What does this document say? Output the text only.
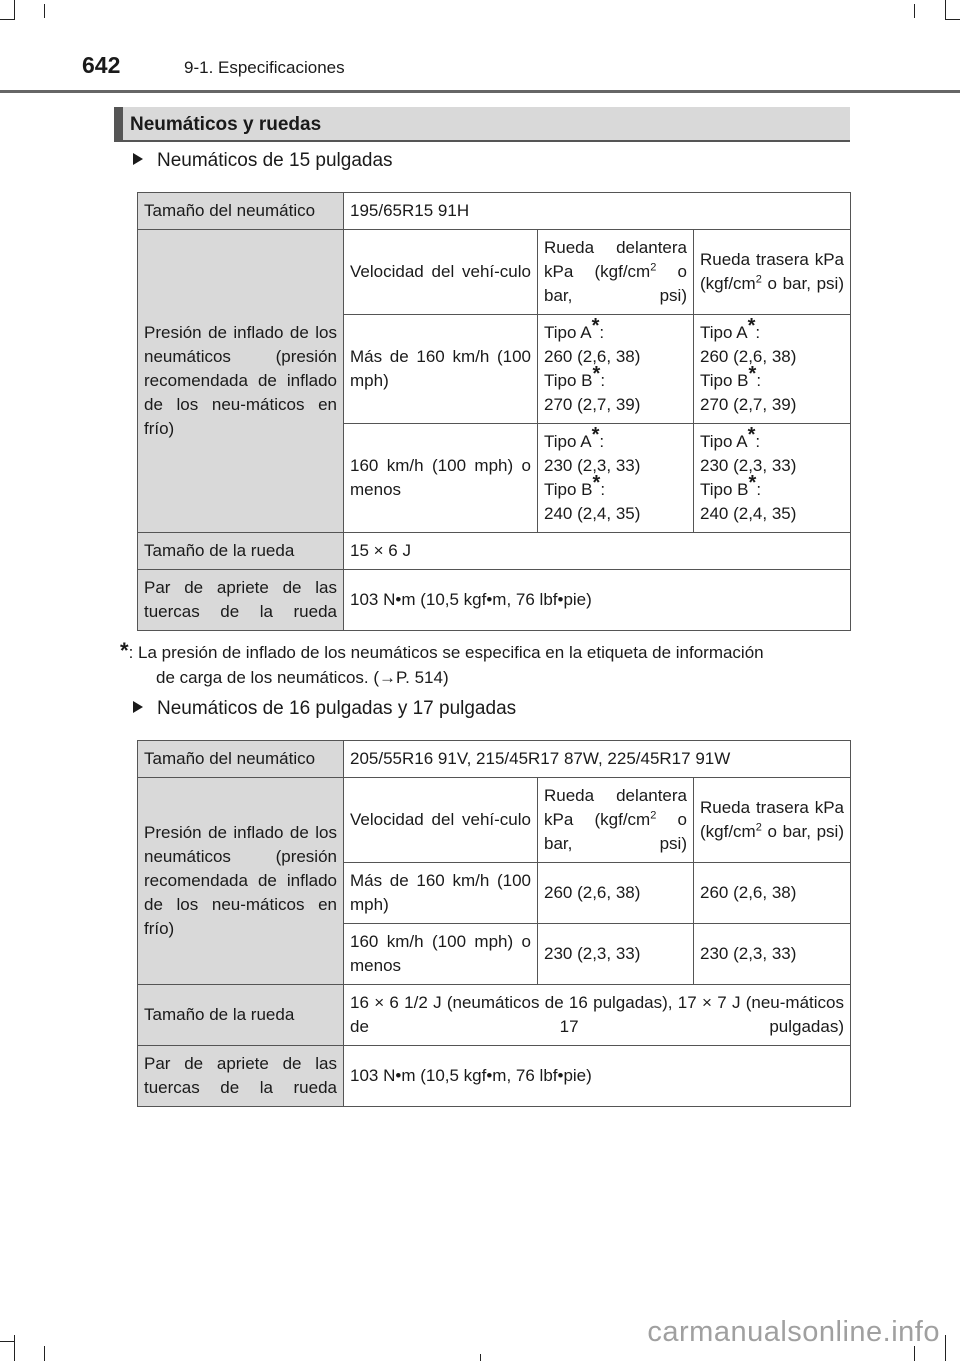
642	9-1. Especificaciones
Neumáticos y ruedas
Neumáticos de 15 pulgadas
Tamaño del neumático	195/65R15 91H		

Presión de inflado de los neumáticos (presión recomendada de inflado de los neu-máticos en frío)	Velocidad del vehí-culo	Rueda delantera kPa ($kgf/cm^2$ o bar, psi)	Rueda trasera kPa ($kgf/cm^2$ o bar, psi)

	Más de 160 km/h (100 mph)	Tipo A*:
260 (2,6, 38)
Tipo B*:
270 (2,7, 39)	Tipo A*:
260 (2,6, 38)
Tipo B*:
270 (2,7, 39)

	160 km/h (100 mph) o menos	Tipo A*:
230 (2,3, 33)
Tipo B*:
240 (2,4, 35)	Tipo A*:
230 (2,3, 33)
Tipo B*:
240 (2,4, 35)
Tamaño de la rueda	15 × 6 J		

Par de apriete de las tuercas de la rueda	103 N•m (10,5 kgf•m, 76 lbf•pie)		
*: La presión de inflado de los neumáticos se especifica en la etiqueta de información
de carga de los neumáticos. (→P. 514)
Neumáticos de 16 pulgadas y 17 pulgadas
Tamaño del neumático	205/55R16 91V, 215/45R17 87W, 225/45R17 91W		

Presión de inflado de los neumáticos (presión recomendada de inflado de los neu-máticos en frío)	Velocidad del vehí-culo	Rueda delantera kPa ($kgf/cm^2$ o bar, psi)	Rueda trasera kPa ($kgf/cm^2$ o bar, psi)

	Más de 160 km/h (100 mph)	260 (2,6, 38)	260 (2,6, 38)

	160 km/h (100 mph) o menos	230 (2,3, 33)	230 (2,3, 33)
Tamaño de la rueda	16 × 6 1/2 J (neumáticos de 16 pulgadas), 17 × 7 J (neu-máticos de 17 pulgadas)		

Par de apriete de las tuercas de la rueda	103 N•m (10,5 kgf•m, 76 lbf•pie)		
carmanualsonline.info
